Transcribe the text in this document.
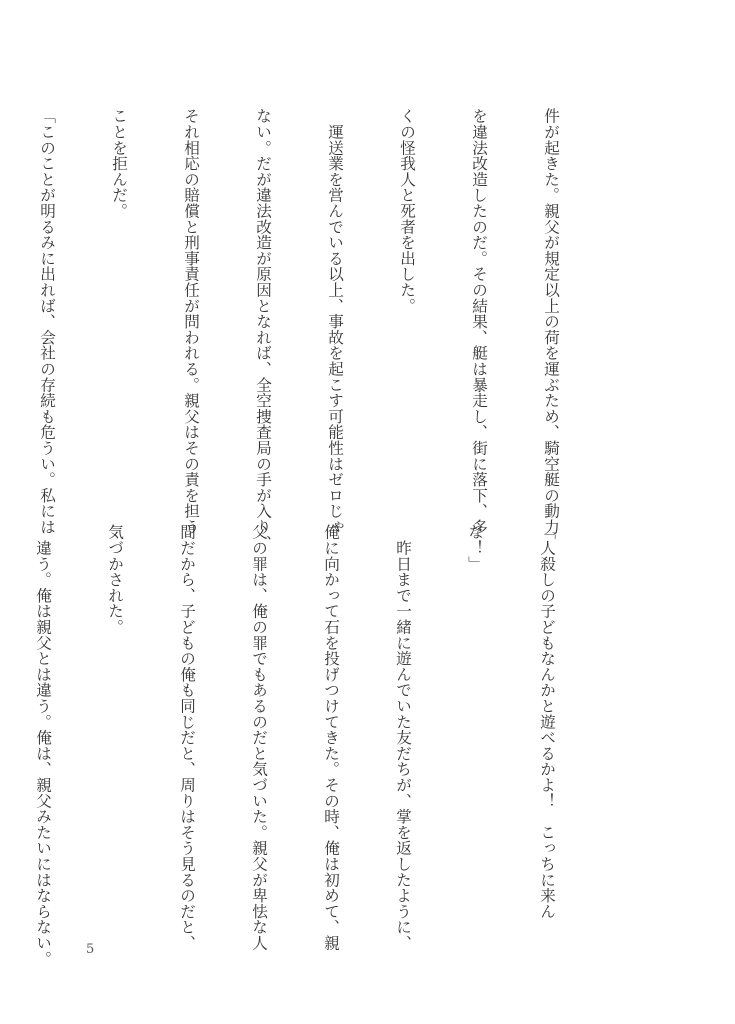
件が起きた。親父が規定以上の荷を運ぶため、騎空艇の動力

を違法改造したのだ。その結果、艇は暴走し、街に落下、多

くの怪我人と死者を出した。

　運送業を営んでいる以上、事故を起こす可能性はゼロじゃ

ない。だが違法改造が原因となれば、全空捜査局の手が入り、

それ相応の賠償と刑事責任が問われる。親父はその責を担う

ことを拒んだ。

「このことが明るみに出れば、会社の存続も危うい。私には

「人殺しの子どもなんかと遊べるかよ！　こっちに来ん

な！」

　昨日まで一緒に遊んでいた友だちが、掌を返したように、

俺に向かって石を投げつけてきた。その時、俺は初めて、親

父の罪は、俺の罪でもあるのだと気づいた。親父が卑怯な人

間だから、子どもの俺も同じだと、周りはそう見るのだと、

気づかされた。

　違う。俺は親父とは違う。俺は、親父みたいにはならない。

	5
